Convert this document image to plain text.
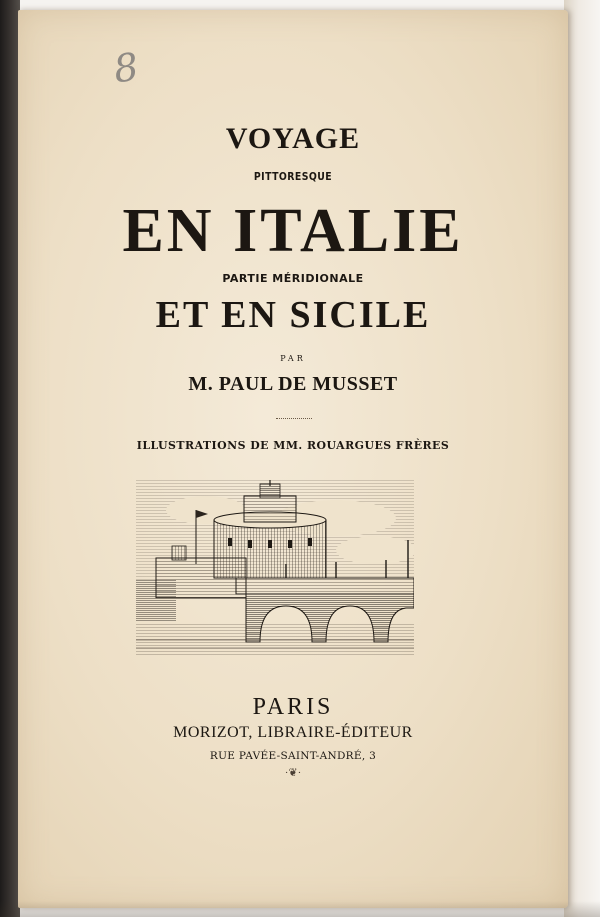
8
VOYAGE
PITTORESQUE
EN ITALIE
PARTIE MÉRIDIONALE
ET EN SICILE
PAR
M. PAUL DE MUSSET
ILLUSTRATIONS DE MM. ROUARGUES FRÈRES
PARIS
MORIZOT, LIBRAIRE-ÉDITEUR
RUE PAVÉE-SAINT-ANDRÉ, 3
·❦·
